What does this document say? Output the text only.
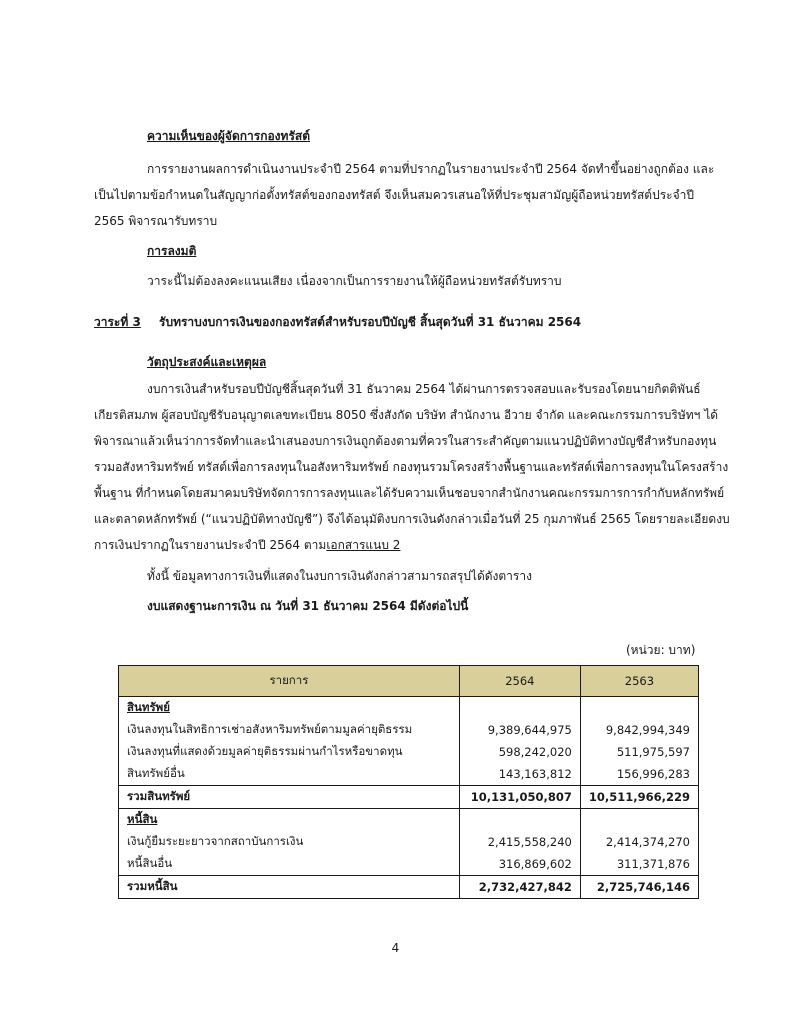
ความเห็นของผู้จัดการกองทรัสต์
การรายงานผลการดำเนินงานประจำปี 2564 ตามที่ปรากฏในรายงานประจำปี 2564 จัดทำขึ้นอย่างถูกต้อง และ
เป็นไปตามข้อกำหนดในสัญญาก่อตั้งทรัสต์ของกองทรัสต์ จึงเห็นสมควรเสนอให้ที่ประชุมสามัญผู้ถือหน่วยทรัสต์ประจำปี
2565 พิจารณารับทราบ
การลงมติ
วาระนี้ไม่ต้องลงคะแนนเสียง เนื่องจากเป็นการรายงานให้ผู้ถือหน่วยทรัสต์รับทราบ
วาระที่ 3 รับทราบงบการเงินของกองทรัสต์สำหรับรอบปีบัญชี สิ้นสุดวันที่ 31 ธันวาคม 2564
วัตถุประสงค์และเหตุผล
งบการเงินสำหรับรอบปีบัญชีสิ้นสุดวันที่ 31 ธันวาคม 2564 ได้ผ่านการตรวจสอบและรับรองโดยนายกิตติพันธ์
เกียรติสมภพ ผู้สอบบัญชีรับอนุญาตเลขทะเบียน 8050 ซึ่งสังกัด บริษัท สำนักงาน อีวาย จำกัด และคณะกรรมการบริษัทฯ ได้
พิจารณาแล้วเห็นว่าการจัดทำและนำเสนองบการเงินถูกต้องตามที่ควรในสาระสำคัญตามแนวปฏิบัติทางบัญชีสำหรับกองทุน
รวมอสังหาริมทรัพย์ ทรัสต์เพื่อการลงทุนในอสังหาริมทรัพย์ กองทุนรวมโครงสร้างพื้นฐานและทรัสต์เพื่อการลงทุนในโครงสร้าง
พื้นฐาน ที่กำหนดโดยสมาคมบริษัทจัดการการลงทุนและได้รับความเห็นชอบจากสำนักงานคณะกรรมการการกำกับหลักทรัพย์
และตลาดหลักทรัพย์ (“แนวปฏิบัติทางบัญชี”) จึงได้อนุมัติงบการเงินดังกล่าวเมื่อวันที่ 25 กุมภาพันธ์ 2565 โดยรายละเอียดงบ
การเงินปรากฏในรายงานประจำปี 2564 ตามเอกสารแนบ 2
ทั้งนี้ ข้อมูลทางการเงินที่แสดงในงบการเงินดังกล่าวสามารถสรุปได้ดังตาราง
งบแสดงฐานะการเงิน ณ วันที่ 31 ธันวาคม 2564 มีดังต่อไปนี้
(หน่วย: บาท)
รายการ	2564	2563
สินทรัพย์		
เงินลงทุนในสิทธิการเช่าอสังหาริมทรัพย์ตามมูลค่ายุติธรรม	9,389,644,975	9,842,994,349
เงินลงทุนที่แสดงด้วยมูลค่ายุติธรรมผ่านกำไรหรือขาดทุน	598,242,020	511,975,597
สินทรัพย์อื่น	143,163,812	156,996,283
รวมสินทรัพย์	10,131,050,807	10,511,966,229
หนี้สิน		
เงินกู้ยืมระยะยาวจากสถาบันการเงิน	2,415,558,240	2,414,374,270
หนี้สินอื่น	316,869,602	311,371,876
รวมหนี้สิน	2,732,427,842	2,725,746,146
4
